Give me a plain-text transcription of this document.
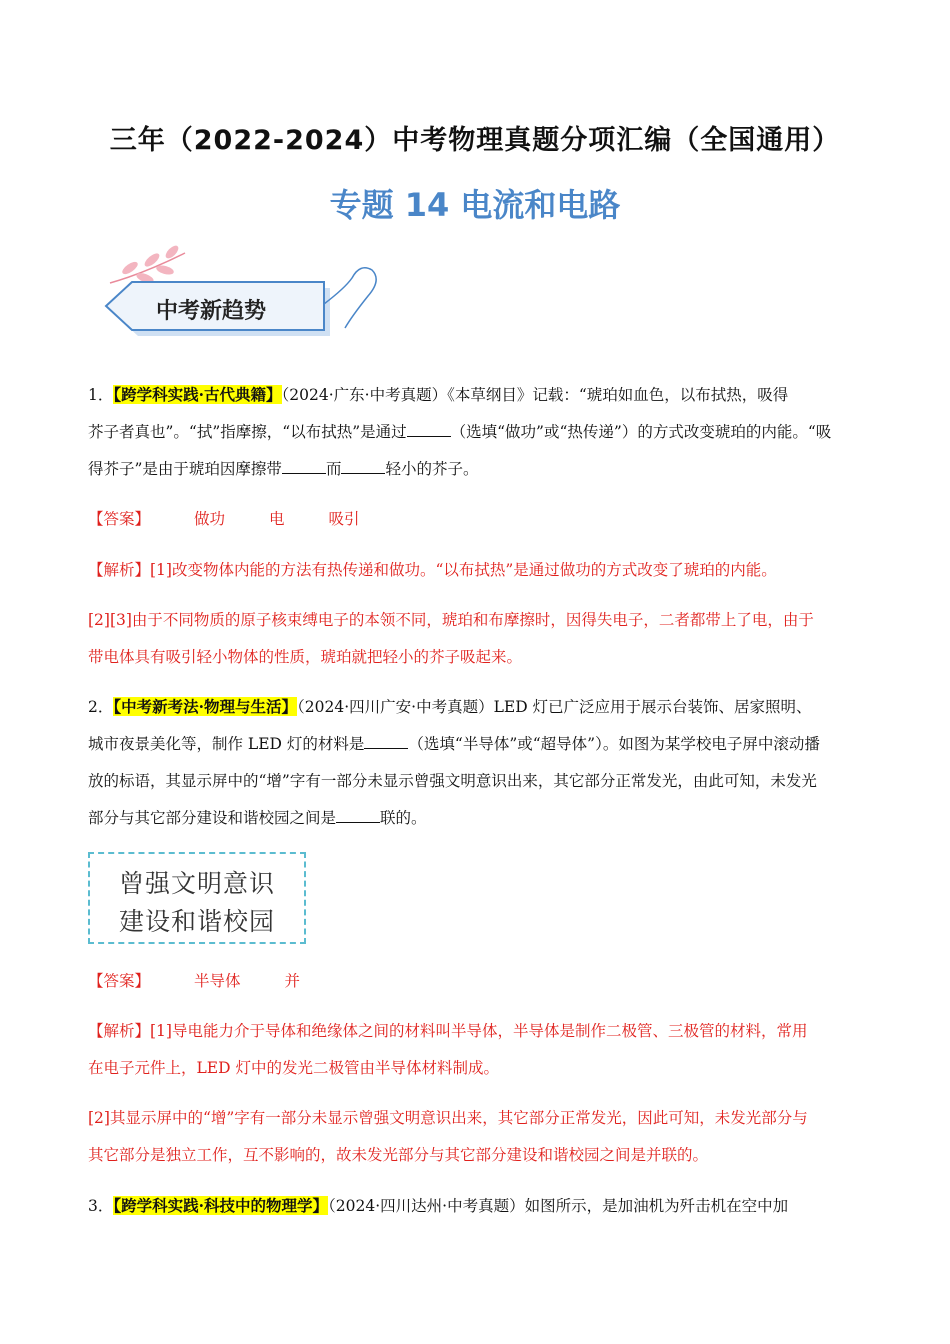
三年（2022-2024）中考物理真题分项汇编（全国通用）
专题 14 电流和电路
中考新趋势
1．【跨学科实践·古代典籍】（2024·广东·中考真题）《本草纲目》记载：“琥珀如血色，以布拭热，吸得
芥子者真也”。“拭”指摩擦，“以布拭热”是通过	（选填“做功”或“热传递”）的方式改变琥珀的内能。“吸
得芥子”是由于琥珀因摩擦带	而	轻小的芥子。
【答案】	做功	电	吸引
【解析】[1]改变物体内能的方法有热传递和做功。“以布拭热”是通过做功的方式改变了琥珀的内能。
[2][3]由于不同物质的原子核束缚电子的本领不同，琥珀和布摩擦时，因得失电子，二者都带上了电，由于
带电体具有吸引轻小物体的性质，琥珀就把轻小的芥子吸起来。
2．【中考新考法·物理与生活】（2024·四川广安·中考真题）LED 灯已广泛应用于展示台装饰、居家照明、
城市夜景美化等，制作 LED 灯的材料是	（选填“半导体”或“超导体”）。如图为某学校电子屏中滚动播
放的标语，其显示屏中的“增”字有一部分未显示曾强文明意识出来，其它部分正常发光，由此可知，未发光
部分与其它部分建设和谐校园之间是	联的。
曾强文明意识
建设和谐校园
【答案】	半导体	并
【解析】[1]导电能力介于导体和绝缘体之间的材料叫半导体，半导体是制作二极管、三极管的材料，常用
在电子元件上，LED 灯中的发光二极管由半导体材料制成。
[2]其显示屏中的“增”字有一部分未显示曾强文明意识出来，其它部分正常发光，因此可知，未发光部分与
其它部分是独立工作，互不影响的，故未发光部分与其它部分建设和谐校园之间是并联的。
3．【跨学科实践·科技中的物理学】（2024·四川达州·中考真题）如图所示，是加油机为歼击机在空中加
